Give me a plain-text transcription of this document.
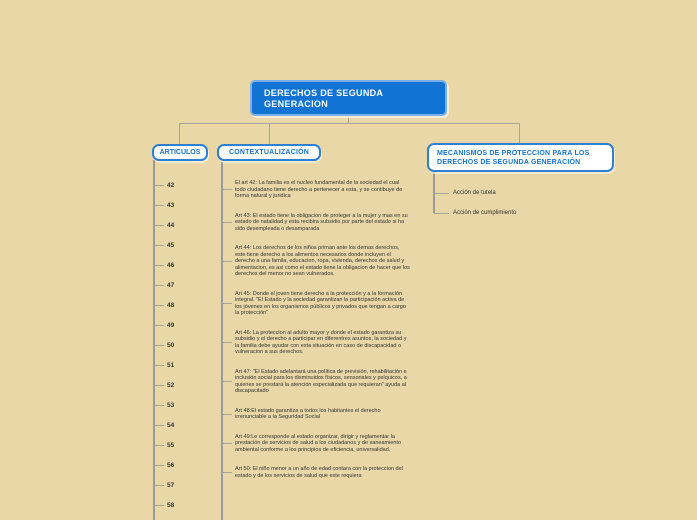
DERECHOS DE SEGUNDA GENERACION
ARTICULOS	CONTEXTUALIZACIÓN	MECANISMOS DE PROTECCION PARA LOS DERECHOS DE SEGUNDA GENERACIÓN
42
43
44
45
46
47
48
49
50
51
52
53
54
55
56
57
58
El art 42: La familia es el nucleo fundamental de la sociedad el cual todo ciudadano tiene derecho a pertenecer a esta, y se contibuye de forma natural y juridica
Art 43: El estado tiene la obligacion de proteger a la mujer y mas en su estado de natalidad y esta recibira subsidio por parte del estado si ha sido desempleada o desamparada
Art 44: Los derechos de los niños priman ante los demas derechos, este tiene derecho a los alimentos necesarios donde incluyen el derecho a una famila, educacion, ropa, vivienda, derechos de salud y alimentacion, es asi como el estado tiene la obligacion de hacer que los derechos del menor no sean vulnerados.
Art 45: Donde el joven tiene derecho a la protección y a la formación integral. "El Estado y la sociedad garantizan la participación activa de los jóvenes en los organismos públicos y privados que tengan a cargo la protección"
Art 46: La proteccion al adulto mayor y donde el estado garantiza su subsidio y el derecho a participar en diferentres asuntos, la sociedad y la familia debe ayudar con esta situación en caso de discapacidad o vulneracion a sus derechos.
Art 47: "El Estado adelantará una política de previsión, rehabilitación e inclusión social para los disminuidos físicos, sensoriales y psíquicos, a quienes se prestará la atención especializada que requieran" ayuda al discapacitado
Art 48:El estado garantiza a todos los habitantes el derecho irrenunciable a la Seguridad Social
Art 49:Le corresponde al estado organizar, dirigir y reglamentar la prestación de servicios de salud a los ciudadanos y de saneamiento ambiental conforme a los principios de eficiencia, universalidad.
Art 50: El niño menor a un año de edad contara con la proteccion del estado y de los servicios de salud que este requiera
Acción de tutela
Acción de cumplimiento
